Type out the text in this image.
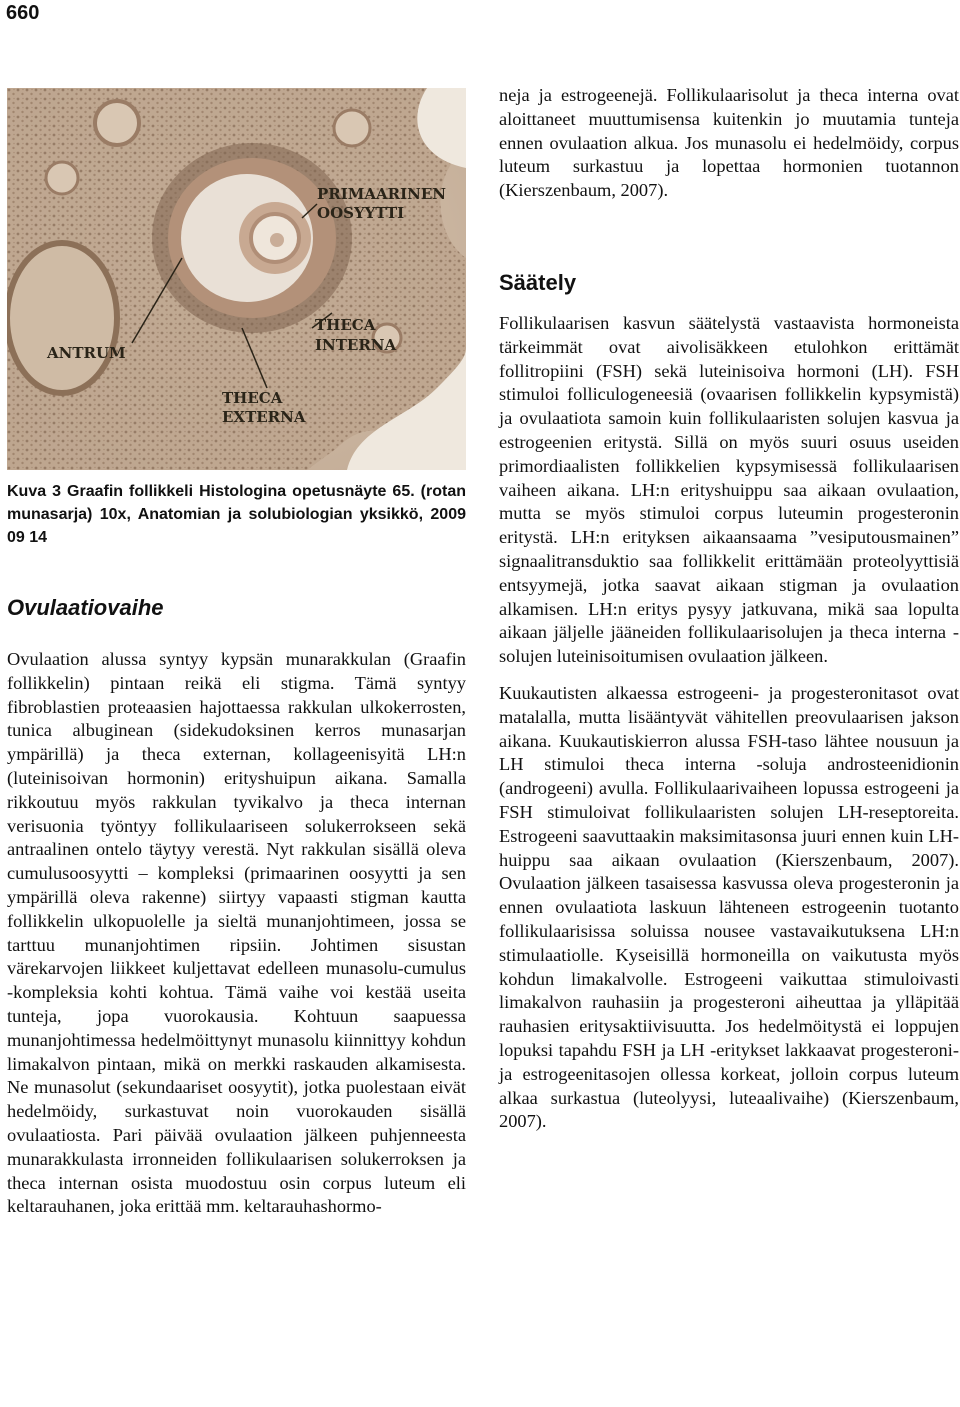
660
PRIMAARINEN
OOSYYTTI
THECA
INTERNA
ANTRUM
THECA
EXTERNA
Kuva 3 Graafin follikkeli Histologina opetusnäyte 65. (rotan munasarja) 10x, Anatomian ja solubiologian yksikkö, 2009 09 14
Ovulaatiovaihe

Ovulaation alussa syntyy kypsän munarakkulan (Graafin follikkelin) pintaan reikä eli stigma. Tämä syntyy fibroblastien proteaasien hajottaessa rakkulan ulkokerrosten, tunica albuginean (sidekudoksinen kerros munasarjan ympärillä) ja theca externan, kollageenisyitä LH:n (luteinisoivan hormonin) erityshuipun aikana. Samalla rikkoutuu myös rakkulan tyvikalvo ja theca internan verisuonia työntyy follikulaariseen solukerrokseen sekä antraalinen ontelo täytyy verestä. Nyt rakkulan sisällä oleva cumulusoosyytti – kompleksi (primaarinen oosyytti ja sen ympärillä oleva rakenne) siirtyy vapaasti stigman kautta follikkelin ulkopuolelle ja sieltä munanjohtimeen, jossa se tarttuu munanjohtimen ripsiin. Johtimen sisustan värekarvojen liikkeet kuljettavat edelleen munasolu-cumulus -kompleksia kohti kohtua. Tämä vaihe voi kestää useita tunteja, jopa vuorokausia. Kohtuun saapuessa munanjohtimessa hedelmöittynyt munasolu kiinnittyy kohdun limakalvon pintaan, mikä on merkki raskauden alkamisesta. Ne munasolut (sekundaariset oosyytit), jotka puolestaan eivät hedelmöidy, surkastuvat noin vuorokauden sisällä ovulaatiosta. Pari päivää ovulaation jälkeen puhjenneesta munarakkulasta irronneiden follikulaarisen solukerroksen ja theca internan osista muodostuu osin corpus luteum eli keltarauhanen, joka erittää mm. keltarauhashormo-

neja ja estrogeenejä. Follikulaarisolut ja theca interna ovat aloittaneet muuttumisensa kuitenkin jo muutamia tunteja ennen ovulaation alkua. Jos munasolu ei hedelmöidy, corpus luteum surkastuu ja lopettaa hormonien tuotannon (Kierszenbaum, 2007).

Säätely

Follikulaarisen kasvun säätelystä vastaavista hormoneista tärkeimmät ovat aivolisäkkeen etulohkon erittämät follitropiini (FSH) sekä luteinisoiva hormoni (LH). FSH stimuloi folliculogeneesiä (ovaarisen follikkelin kypsymistä) ja ovulaatiota samoin kuin follikulaaristen solujen kasvua ja estrogeenien eritystä. Sillä on myös suuri osuus useiden primordiaalisten follikkelien kypsymisessä follikulaarisen vaiheen aikana. LH:n erityshuippu saa aikaan ovulaation, mutta se myös stimuloi corpus luteumin progesteronin eritystä. LH:n erityksen aikaansaama ”vesiputousmainen” signaalitransduktio saa follikkelit erittämään proteolyyttisiä entsyymejä, jotka saavat aikaan stigman ja ovulaation alkamisen. LH:n eritys pysyy jatkuvana, mikä saa lopulta aikaan jäljelle jääneiden follikulaarisolujen ja theca interna -solujen luteinisoitumisen ovulaation jälkeen.

Kuukautisten alkaessa estrogeeni- ja progesteronitasot ovat matalalla, mutta lisääntyvät vähitellen preovulaarisen jakson aikana. Kuukautiskierron alussa FSH-taso lähtee nousuun ja LH stimuloi theca interna -soluja androsteenidionin (androgeeni) avulla. Follikulaarivaiheen lopussa estrogeeni ja FSH stimuloivat follikulaaristen solujen LH-reseptoreita. Estrogeeni saavuttaakin maksimitasonsa juuri ennen kuin LH-huippu saa aikaan ovulaation (Kierszenbaum, 2007). Ovulaation jälkeen tasaisessa kasvussa oleva progesteronin ja ennen ovulaatiota laskuun lähteneen estrogeenin tuotanto follikulaarisissa soluissa nousee vastavaikutuksena LH:n stimulaatiolle. Kyseisillä hormoneilla on vaikutusta myös kohdun limakalvolle. Estrogeeni vaikuttaa stimuloivasti limakalvon rauhasiin ja progesteroni aiheuttaa ja ylläpitää rauhasien eritysaktiivisuutta. Jos hedelmöitystä ei loppujen lopuksi tapahdu FSH ja LH -eritykset lakkaavat progesteroni- ja estrogeenitasojen ollessa korkeat, jolloin corpus luteum alkaa surkastua (luteolyysi, luteaalivaihe) (Kierszenbaum, 2007).
